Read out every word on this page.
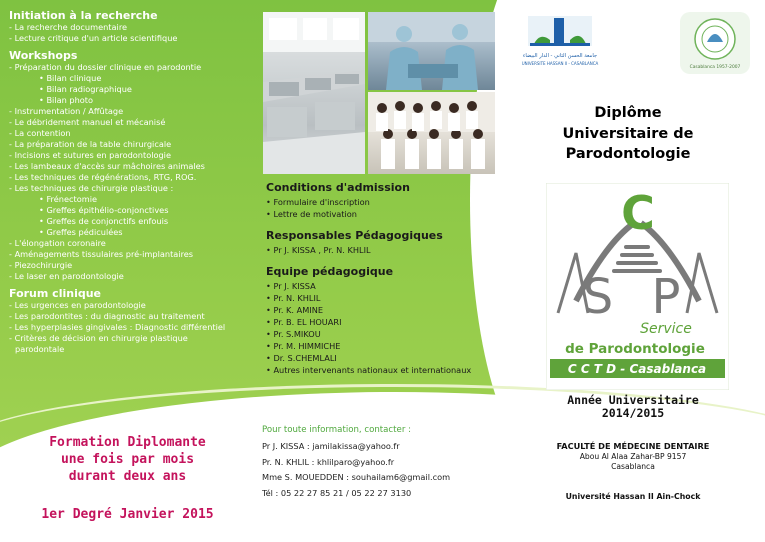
Initiation à la recherche
- La recherche documentaire
- Lecture critique d'un article scientifique
Workshops
- Préparation du dossier clinique en parodontie
• Bilan clinique
• Bilan radiographique
• Bilan photo
- Instrumentation / Affûtage
- Le débridement manuel et mécanisé
- La contention
- La préparation de la table chirurgicale
- Incisions et sutures en parodontologie
- Les lambeaux d'accès sur mâchoires animales
- Les techniques de régénérations, RTG, ROG.
- Les techniques de chirurgie plastique :
• Frénectomie
• Greffes épithélio-conjonctives
• Greffes de conjonctifs enfouis
• Greffes pédiculées
- L'élongation coronaire
- Aménagements tissulaires pré-implantaires
- Piezochirurgie
- Le laser en parodontologie
Forum clinique
- Les urgences en parodontologie
- Les parodontites : du diagnostic au traitement
- Les hyperplasies gingivales : Diagnostic différentiel
- Critères de décision en chirurgie plastique
parodontale
Formation Diplomante
une fois par mois
durant deux ans
1er Degré Janvier 2015
Conditions d'admission
• Formulaire d'inscription
• Lettre de motivation
Responsables Pédagogiques
• Pr J. KISSA , Pr. N. KHLIL
Equipe pédagogique
• Pr J. KISSA
• Pr. N. KHLIL
• Pr. K. AMINE
• Pr. B. EL HOUARI
• Pr. S.MIKOU
• Pr. M. HIMMICHE
• Dr. S.CHEMLALI
• Autres intervenants nationaux et internationaux
Pour toute information, contacter :
Pr J. KISSA : jamilakissa@yahoo.fr
Pr. N. KHLIL : khlilparo@yahoo.fr
Mme S. MOUEDDEN : souhailam6@gmail.com
Tél : 05 22 27 85 21 / 05 22 27 3130
جامعة الحسن الثاني - الدار البيضاء
UNIVERSITE HASSAN II - CASABLANCA
Casablanca 1957-2007
Diplôme
Universitaire de
Parodontologie
C
S P
Service
de Parodontologie
C C T D - Casablanca
Année Universitaire
2014/2015
FACULTÉ DE MÉDECINE DENTAIRE
Abou Al Alaa Zahar-BP 9157
Casablanca
Université Hassan II Ain-Chock
